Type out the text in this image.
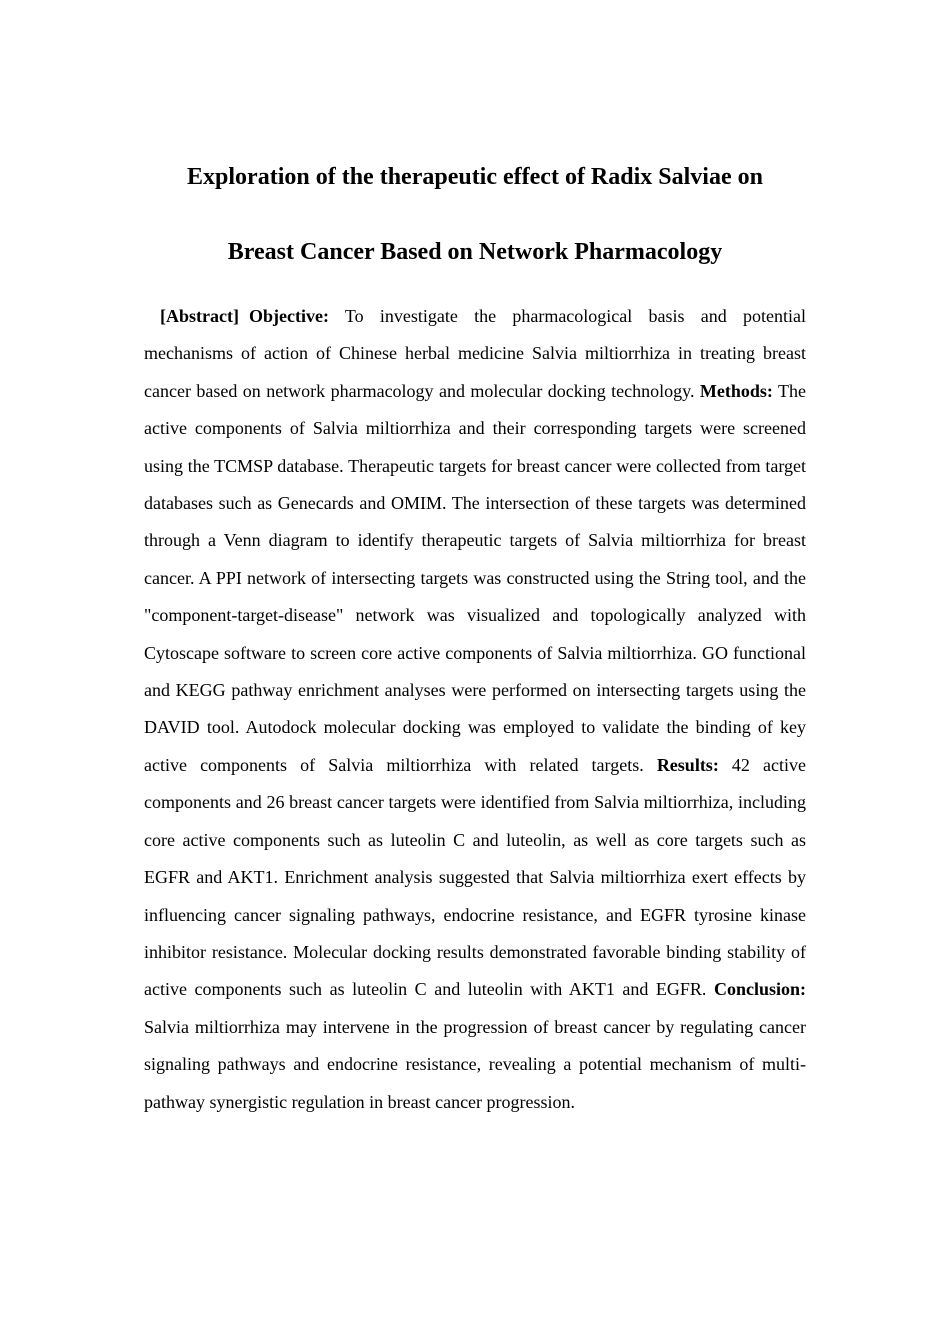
Exploration of the therapeutic effect of Radix Salviae on
Breast Cancer Based on Network Pharmacology

[Abstract] Objective: To investigate the pharmacological basis and potential mechanisms of action of Chinese herbal medicine Salvia miltiorrhiza in treating breast cancer based on network pharmacology and molecular docking technology. Methods: The active components of Salvia miltiorrhiza and their corresponding targets were screened using the TCMSP database. Therapeutic targets for breast cancer were collected from target databases such as Genecards and OMIM. The intersection of these targets was determined through a Venn diagram to identify therapeutic targets of Salvia miltiorrhiza for breast cancer. A PPI network of intersecting targets was constructed using the String tool, and the "component-target-disease" network was visualized and topologically analyzed with Cytoscape software to screen core active components of Salvia miltiorrhiza. GO functional and KEGG pathway enrichment analyses were performed on intersecting targets using the DAVID tool. Autodock molecular docking was employed to validate the binding of key active components of Salvia miltiorrhiza with related targets. Results: 42 active components and 26 breast cancer targets were identified from Salvia miltiorrhiza, including core active components such as luteolin C and luteolin, as well as core targets such as EGFR and AKT1. Enrichment analysis suggested that Salvia miltiorrhiza exert effects by influencing cancer signaling pathways, endocrine resistance, and EGFR tyrosine kinase inhibitor resistance. Molecular docking results demonstrated favorable binding stability of active components such as luteolin C and luteolin with AKT1 and EGFR. Conclusion: Salvia miltiorrhiza may intervene in the progression of breast cancer by regulating cancer signaling pathways and endocrine resistance, revealing a potential mechanism of multi-pathway synergistic regulation in breast cancer progression.
